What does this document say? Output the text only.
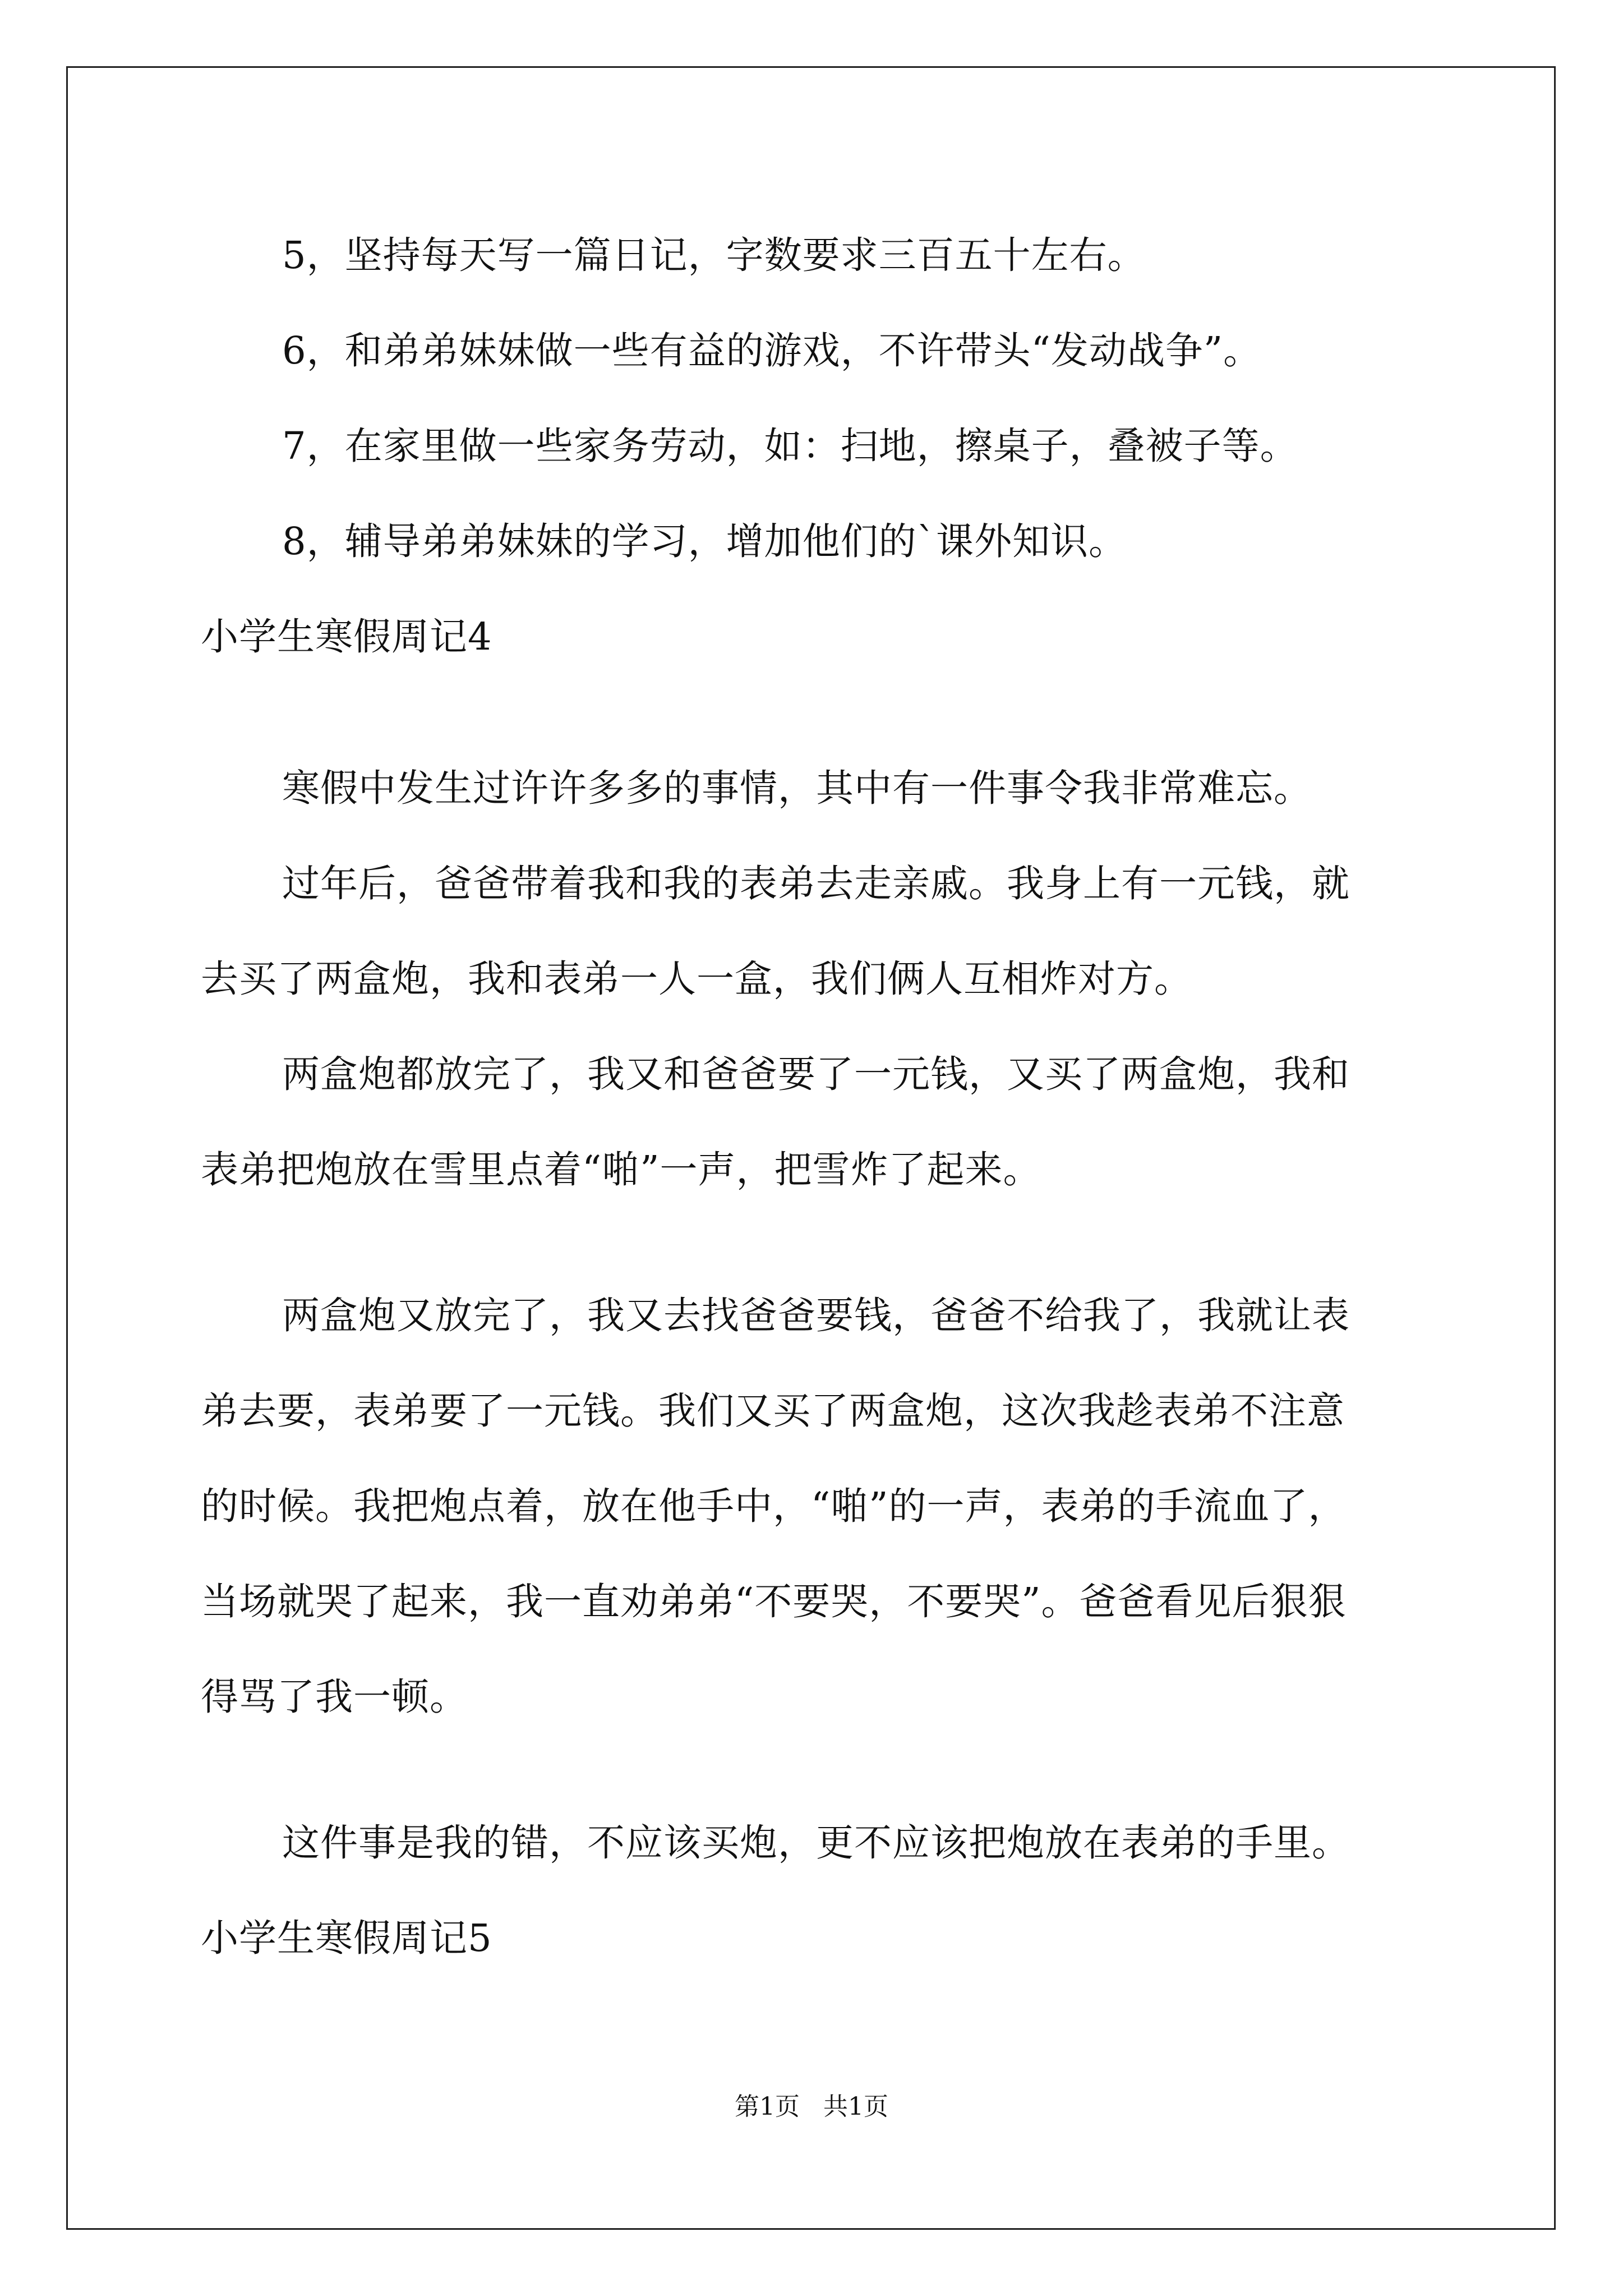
5，坚持每天写一篇日记，字数要求三百五十左右。
6，和弟弟妹妹做一些有益的游戏，不许带头“发动战争”。
7，在家里做一些家务劳动，如：扫地，擦桌子，叠被子等。
8，辅导弟弟妹妹的学习，增加他们的`课外知识。
小学生寒假周记4
寒假中发生过许许多多的事情，其中有一件事令我非常难忘。
过年后，爸爸带着我和我的表弟去走亲戚。我身上有一元钱，就
去买了两盒炮，我和表弟一人一盒，我们俩人互相炸对方。
两盒炮都放完了，我又和爸爸要了一元钱，又买了两盒炮，我和
表弟把炮放在雪里点着“啪”一声，把雪炸了起来。
两盒炮又放完了，我又去找爸爸要钱，爸爸不给我了，我就让表
弟去要，表弟要了一元钱。我们又买了两盒炮，这次我趁表弟不注意
的时候。我把炮点着，放在他手中，“啪”的一声，表弟的手流血了，
当场就哭了起来，我一直劝弟弟“不要哭，不要哭”。爸爸看见后狠狠
得骂了我一顿。
这件事是我的错，不应该买炮，更不应该把炮放在表弟的手里。
小学生寒假周记5
第1页   共1页
